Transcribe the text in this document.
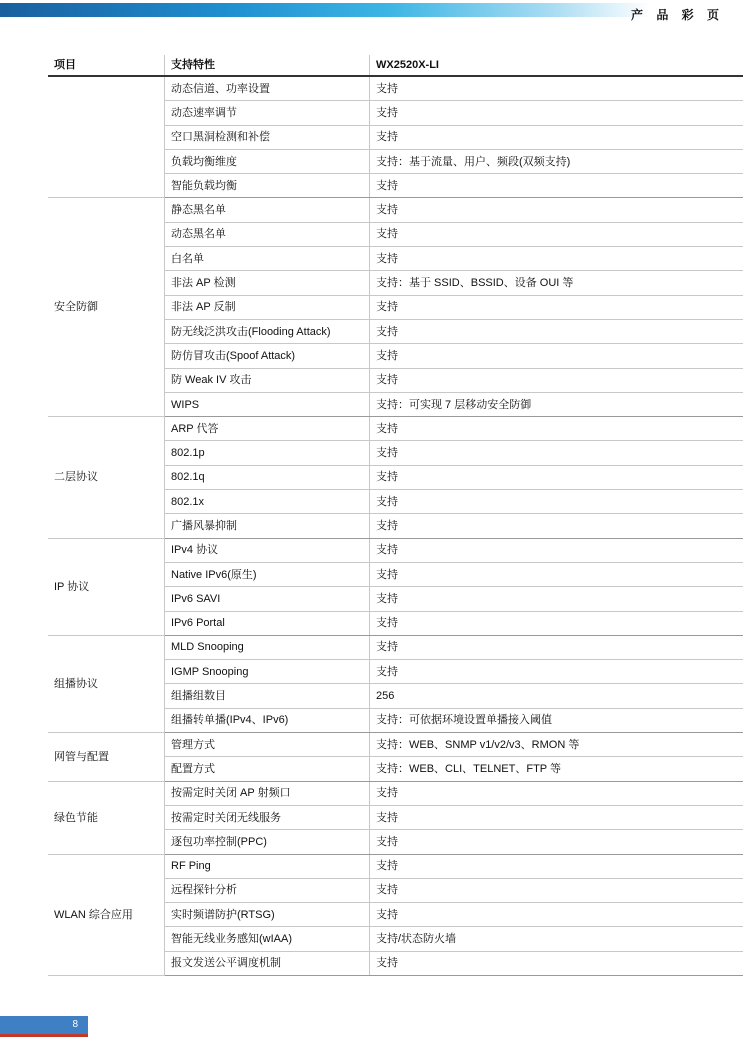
产 品 彩 页
项目	支持特性	WX2520X-LI
	动态信道、功率设置	支持
	动态速率调节	支持
	空口黑洞检测和补偿	支持
	负载均衡维度	支持：基于流量、用户、频段(双频支持)
	智能负载均衡	支持
安全防御	静态黑名单	支持
	动态黑名单	支持
	白名单	支持
	非法 AP 检测	支持：基于 SSID、BSSID、设备 OUI 等
	非法 AP 反制	支持
	防无线泛洪攻击(Flooding Attack)	支持
	防仿冒攻击(Spoof Attack)	支持
	防 Weak IV 攻击	支持
	WIPS	支持：可实现 7 层移动安全防御
二层协议	ARP 代答	支持
	802.1p	支持
	802.1q	支持
	802.1x	支持
	广播风暴抑制	支持
IP 协议	IPv4 协议	支持
	Native IPv6(原生)	支持
	IPv6 SAVI	支持
	IPv6 Portal	支持
组播协议	MLD Snooping	支持
	IGMP Snooping	支持
	组播组数目	256
	组播转单播(IPv4、IPv6)	支持：可依据环境设置单播接入阈值
网管与配置	管理方式	支持：WEB、SNMP v1/v2/v3、RMON 等
	配置方式	支持：WEB、CLI、TELNET、FTP 等
绿色节能	按需定时关闭 AP 射频口	支持
	按需定时关闭无线服务	支持
	逐包功率控制(PPC)	支持
WLAN 综合应用	RF Ping	支持
	远程探针分析	支持
	实时频谱防护(RTSG)	支持
	智能无线业务感知(wIAA)	支持/状态防火墙
	报文发送公平调度机制	支持
8
